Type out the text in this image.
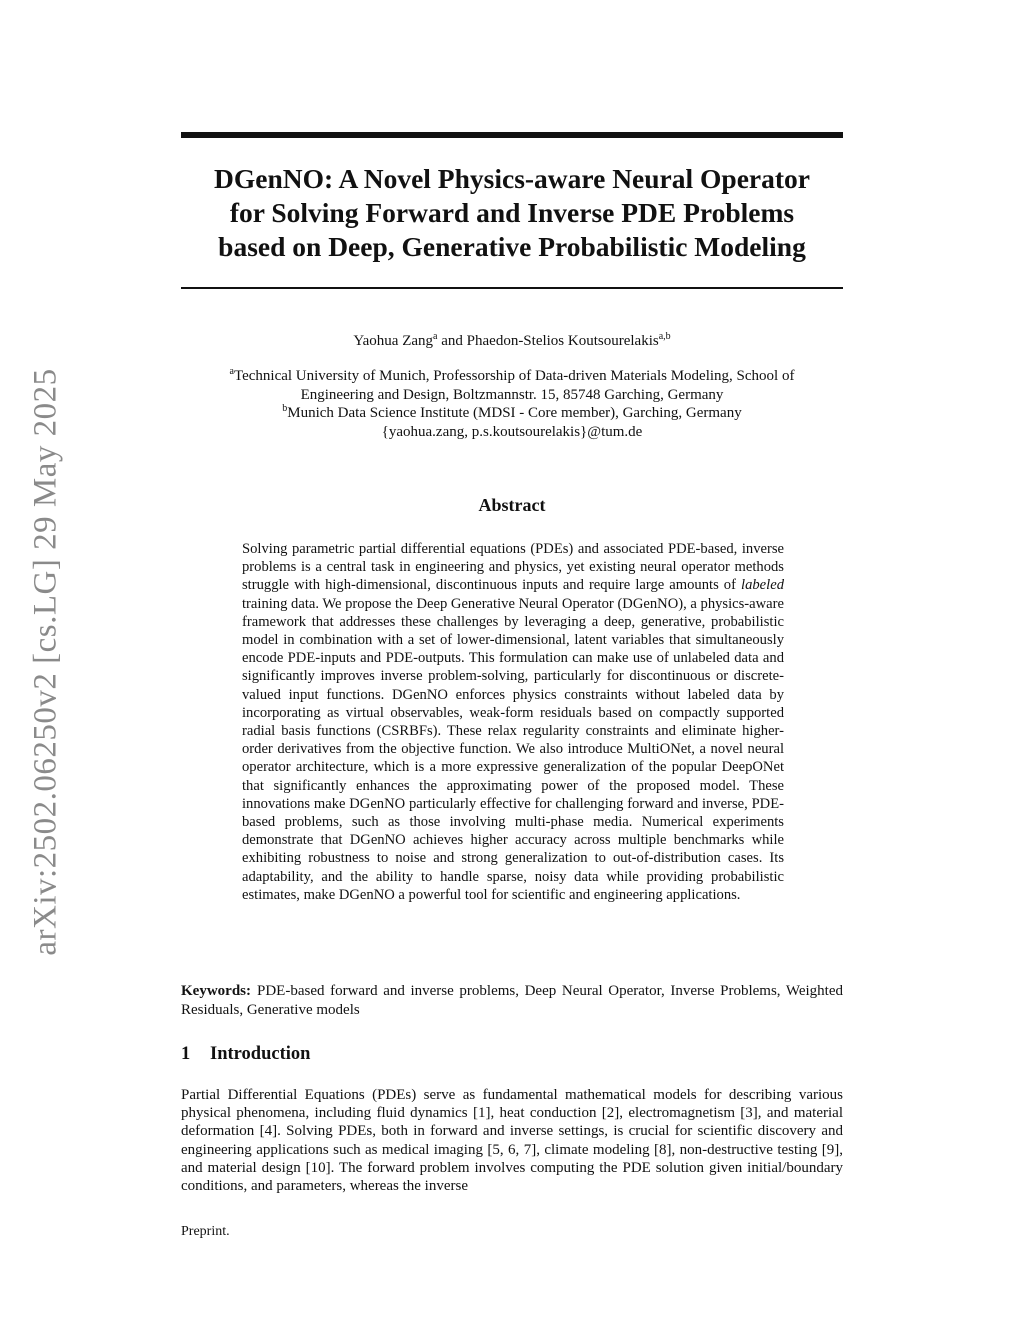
arXiv:2502.06250v2 [cs.LG] 29 May 2025
DGenNO: A Novel Physics-aware Neural Operator
for Solving Forward and Inverse PDE Problems
based on Deep, Generative Probabilistic Modeling
Yaohua Zang$^a$ and Phaedon-Stelios Koutsourelakis$^{a,b}$
$^a$Technical University of Munich, Professorship of Data-driven Materials Modeling, School of
Engineering and Design, Boltzmannstr. 15, 85748 Garching, Germany
$^b$Munich Data Science Institute (MDSI - Core member), Garching, Germany
{yaohua.zang, p.s.koutsourelakis}@tum.de
Abstract

Solving parametric partial differential equations (PDEs) and associated PDE-based, inverse problems is a central task in engineering and physics, yet existing neural operator methods struggle with high-dimensional, discontinuous inputs and require large amounts of labeled training data. We propose the Deep Generative Neural Operator (DGenNO), a physics-aware framework that addresses these challenges by leveraging a deep, generative, probabilistic model in combination with a set of lower-dimensional, latent variables that simultaneously encode PDE-inputs and PDE-outputs. This formulation can make use of unlabeled data and significantly improves inverse problem-solving, particularly for discontinuous or discrete-valued input functions. DGenNO enforces physics constraints without labeled data by incorporating as virtual observables, weak-form residuals based on compactly supported radial basis functions (CSRBFs). These relax regularity constraints and eliminate higher-order derivatives from the objective function. We also introduce MultiONet, a novel neural operator architecture, which is a more expressive generalization of the popular DeepONet that significantly enhances the approximating power of the proposed model. These innovations make DGenNO particularly effective for challenging forward and inverse, PDE-based problems, such as those involving multi-phase media. Numerical experiments demonstrate that DGenNO achieves higher accuracy across multiple benchmarks while exhibiting robustness to noise and strong generalization to out-of-distribution cases. Its adaptability, and the ability to handle sparse, noisy data while providing probabilistic estimates, make DGenNO a powerful tool for scientific and engineering applications.

Keywords: PDE-based forward and inverse problems, Deep Neural Operator, Inverse Problems, Weighted Residuals, Generative models

1 Introduction

Partial Differential Equations (PDEs) serve as fundamental mathematical models for describing various physical phenomena, including fluid dynamics [1], heat conduction [2], electromagnetism [3], and material deformation [4]. Solving PDEs, both in forward and inverse settings, is crucial for scientific discovery and engineering applications such as medical imaging [5, 6, 7], climate modeling [8], non-destructive testing [9], and material design [10]. The forward problem involves computing the PDE solution given initial/boundary conditions, and parameters, whereas the inverse

Preprint.
